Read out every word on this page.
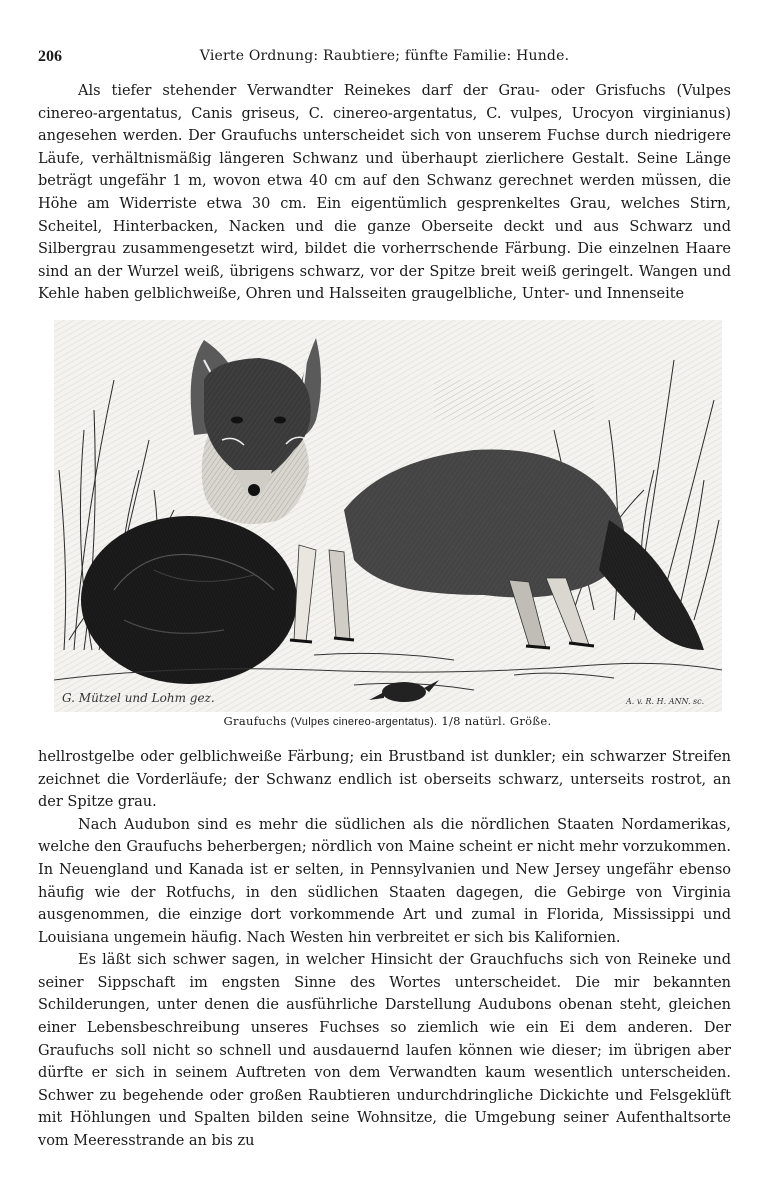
206	Vierte Ordnung: Raubtiere; fünfte Familie: Hunde.

Als tiefer stehender Verwandter Reinekes darf der Grau- oder Grisfuchs (Vulpes cinereo-argentatus, Canis griseus, C. cinereo-argentatus, C. vulpes, Urocyon virginianus) angesehen werden. Der Graufuchs unterscheidet sich von unserem Fuchse durch niedrigere Läufe, verhältnismäßig längeren Schwanz und überhaupt zierlichere Gestalt. Seine Länge beträgt ungefähr 1 m, wovon etwa 40 cm auf den Schwanz gerechnet werden müssen, die Höhe am Widerriste etwa 30 cm. Ein eigentümlich gesprenkeltes Grau, welches Stirn, Scheitel, Hinterbacken, Nacken und die ganze Oberseite deckt und aus Schwarz und Silbergrau zusammengesetzt wird, bildet die vorherrschende Färbung. Die einzelnen Haare sind an der Wurzel weiß, übrigens schwarz, vor der Spitze breit weiß geringelt. Wangen und Kehle haben gelblichweiße, Ohren und Halsseiten graugelbliche, Unter- und Innenseite

G. Mützel und Lohm gez.	A. v. R. H. ANN. sc.
Graufuchs (Vulpes cinereo-argentatus). 1/8 natürl. Größe.

hellrostgelbe oder gelblichweiße Färbung; ein Brustband ist dunkler; ein schwarzer Streifen zeichnet die Vorderläufe; der Schwanz endlich ist oberseits schwarz, unterseits rostrot, an der Spitze grau.

Nach Audubon sind es mehr die südlichen als die nördlichen Staaten Nordamerikas, welche den Graufuchs beherbergen; nördlich von Maine scheint er nicht mehr vorzukommen. In Neuengland und Kanada ist er selten, in Pennsylvanien und New Jersey ungefähr ebenso häufig wie der Rotfuchs, in den südlichen Staaten dagegen, die Gebirge von Virginia ausgenommen, die einzige dort vorkommende Art und zumal in Florida, Mississippi und Louisiana ungemein häufig. Nach Westen hin verbreitet er sich bis Kalifornien.

Es läßt sich schwer sagen, in welcher Hinsicht der Grauchfuchs sich von Reineke und seiner Sippschaft im engsten Sinne des Wortes unterscheidet. Die mir bekannten Schilderungen, unter denen die ausführliche Darstellung Audubons obenan steht, gleichen einer Lebensbeschreibung unseres Fuchses so ziemlich wie ein Ei dem anderen. Der Graufuchs soll nicht so schnell und ausdauernd laufen können wie dieser; im übrigen aber dürfte er sich in seinem Auftreten von dem Verwandten kaum wesentlich unterscheiden. Schwer zu begehende oder großen Raubtieren undurchdringliche Dickichte und Felsgeklüft mit Höhlungen und Spalten bilden seine Wohnsitze, die Umgebung seiner Aufenthaltsorte vom Meeresstrande an bis zu
